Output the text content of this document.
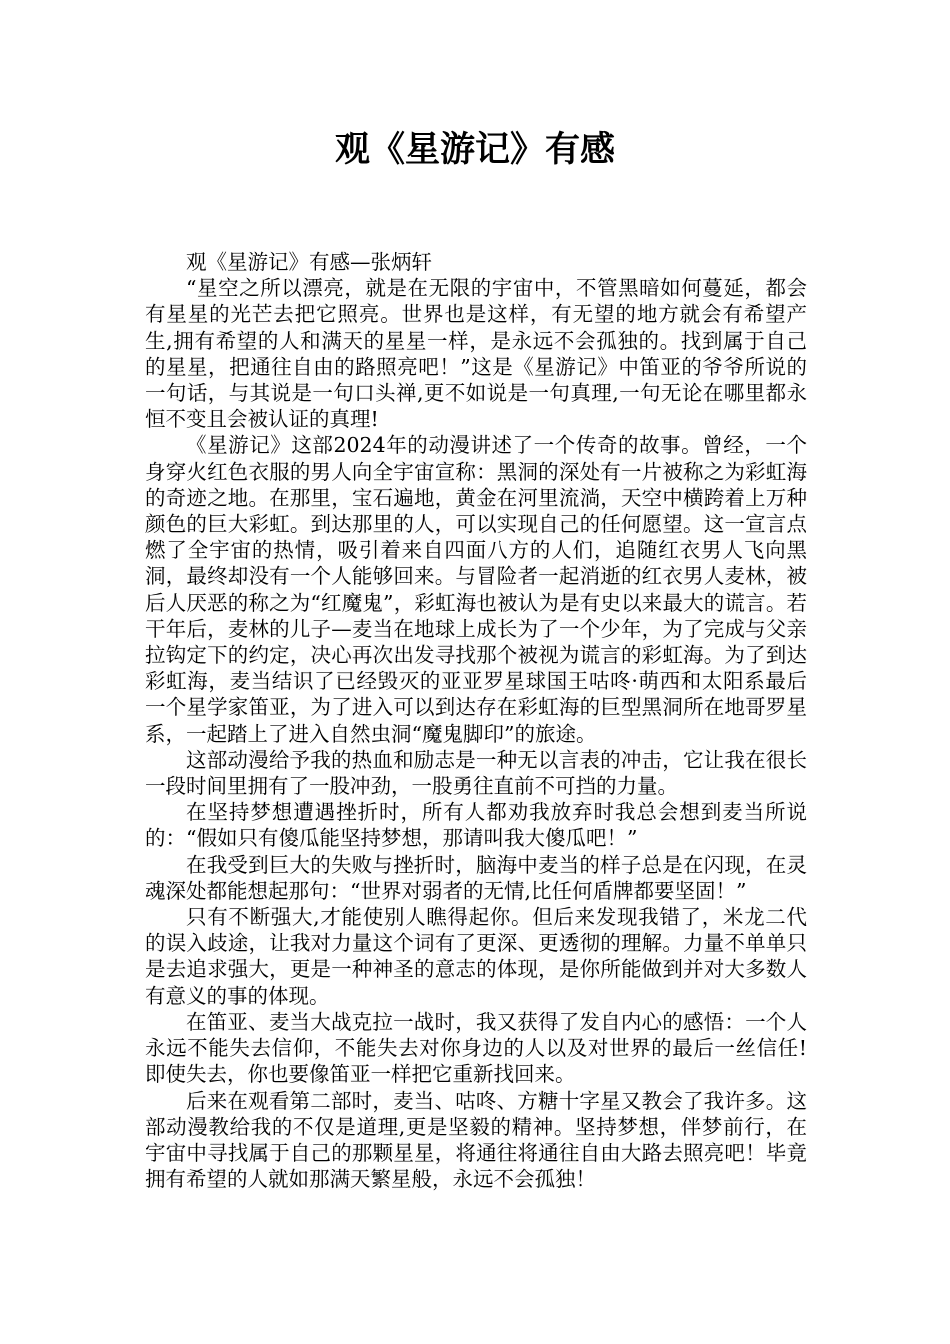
观《星游记》有感

观《星游记》有感—张炳轩

“星空之所以漂亮，就是在无限的宇宙中，不管黑暗如何蔓延，都会有星星的光芒去把它照亮。世界也是这样，有无望的地方就会有希望产生,拥有希望的人和满天的星星一样，是永远不会孤独的。找到属于自己的星星，把通往自由的路照亮吧！”这是《星游记》中笛亚的爷爷所说的一句话，与其说是一句口头禅,更不如说是一句真理,一句无论在哪里都永恒不变且会被认证的真理!

《星游记》这部2024年的动漫讲述了一个传奇的故事。曾经，一个身穿火红色衣服的男人向全宇宙宣称：黑洞的深处有一片被称之为彩虹海的奇迹之地。在那里，宝石遍地，黄金在河里流淌，天空中横跨着上万种颜色的巨大彩虹。到达那里的人，可以实现自己的任何愿望。这一宣言点燃了全宇宙的热情，吸引着来自四面八方的人们，追随红衣男人飞向黑洞，最终却没有一个人能够回来。与冒险者一起消逝的红衣男人麦林，被后人厌恶的称之为“红魔鬼”，彩虹海也被认为是有史以来最大的谎言。若干年后，麦林的儿子—麦当在地球上成长为了一个少年，为了完成与父亲拉钩定下的约定，决心再次出发寻找那个被视为谎言的彩虹海。为了到达彩虹海，麦当结识了已经毁灭的亚亚罗星球国王咕咚·萌西和太阳系最后一个星学家笛亚，为了进入可以到达存在彩虹海的巨型黑洞所在地哥罗星系，一起踏上了进入自然虫洞“魔鬼脚印”的旅途。

这部动漫给予我的热血和励志是一种无以言表的冲击，它让我在很长一段时间里拥有了一股冲劲，一股勇往直前不可挡的力量。

在坚持梦想遭遇挫折时，所有人都劝我放弃时我总会想到麦当所说的：“假如只有傻瓜能坚持梦想，那请叫我大傻瓜吧！”

在我受到巨大的失败与挫折时，脑海中麦当的样子总是在闪现，在灵魂深处都能想起那句：“世界对弱者的无情,比任何盾牌都要坚固！”

只有不断强大,才能使别人瞧得起你。但后来发现我错了，米龙二代的误入歧途，让我对力量这个词有了更深、更透彻的理解。力量不单单只是去追求强大，更是一种神圣的意志的体现，是你所能做到并对大多数人有意义的事的体现。

在笛亚、麦当大战克拉一战时，我又获得了发自内心的感悟：一个人永远不能失去信仰，不能失去对你身边的人以及对世界的最后一丝信任!即使失去，你也要像笛亚一样把它重新找回来。

后来在观看第二部时，麦当、咕咚、方糖十字星又教会了我许多。这部动漫教给我的不仅是道理,更是坚毅的精神。坚持梦想，伴梦前行，在宇宙中寻找属于自己的那颗星星，将通往将通往自由大路去照亮吧！毕竟拥有希望的人就如那满天繁星般，永远不会孤独！
